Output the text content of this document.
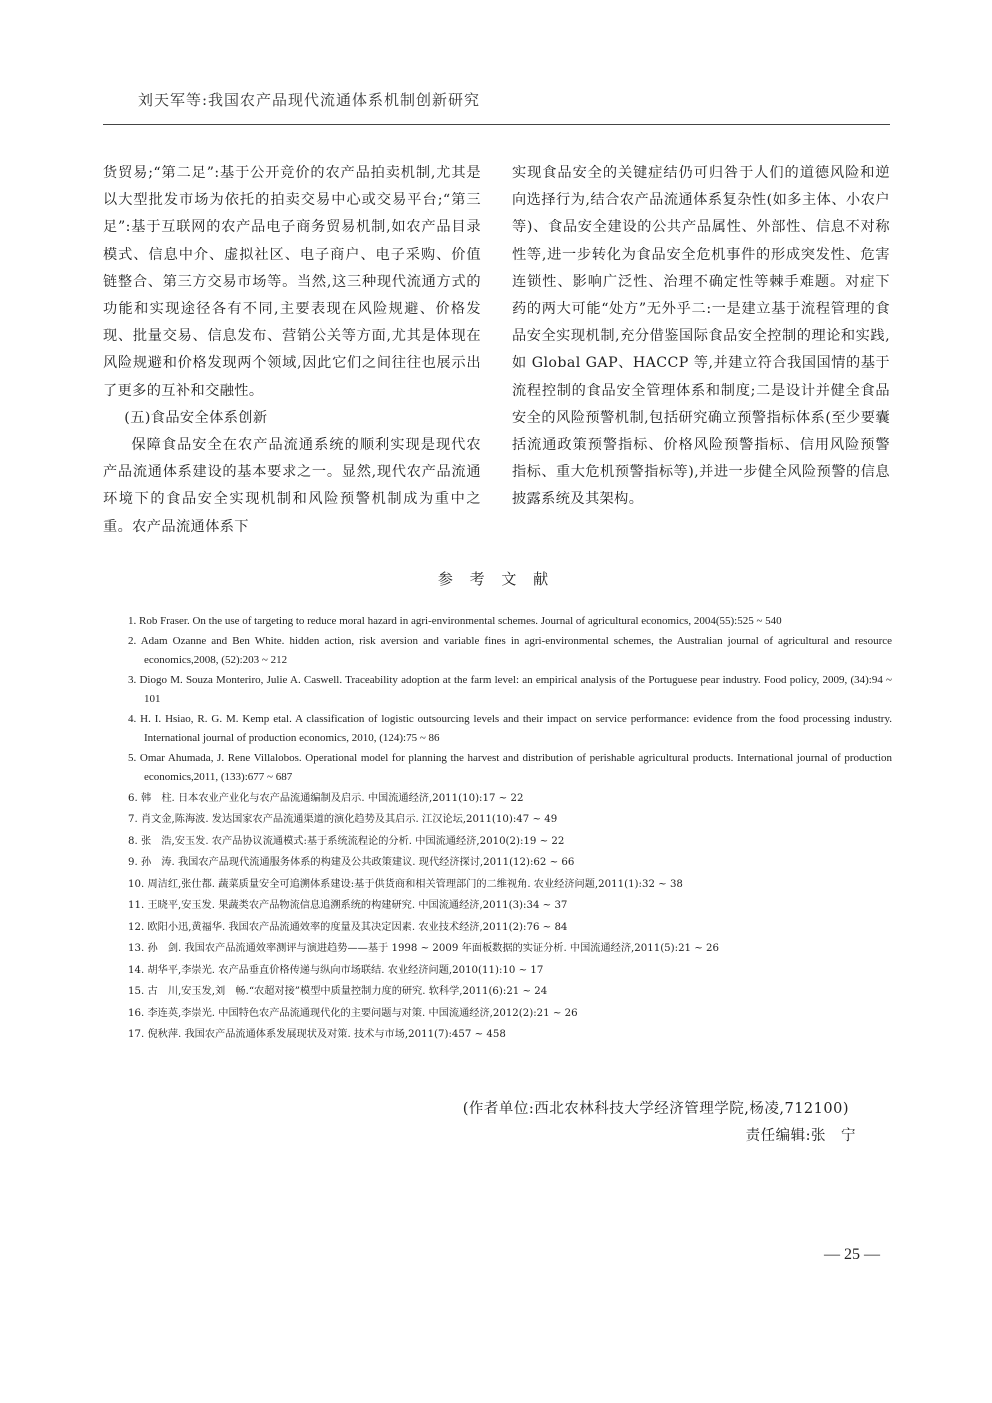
刘天军等:我国农产品现代流通体系机制创新研究

货贸易;“第二足”:基于公开竞价的农产品拍卖机制,尤其是以大型批发市场为依托的拍卖交易中心或交易平台;“第三足”:基于互联网的农产品电子商务贸易机制,如农产品目录模式、信息中介、虚拟社区、电子商户、电子采购、价值链整合、第三方交易市场等。当然,这三种现代流通方式的功能和实现途径各有不同,主要表现在风险规避、价格发现、批量交易、信息发布、营销公关等方面,尤其是体现在风险规避和价格发现两个领域,因此它们之间往往也展示出了更多的互补和交融性。

(五)食品安全体系创新

保障食品安全在农产品流通系统的顺利实现是现代农产品流通体系建设的基本要求之一。显然,现代农产品流通环境下的食品安全实现机制和风险预警机制成为重中之重。农产品流通体系下

实现食品安全的关键症结仍可归咎于人们的道德风险和逆向选择行为,结合农产品流通体系复杂性(如多主体、小农户等)、食品安全建设的公共产品属性、外部性、信息不对称性等,进一步转化为食品安全危机事件的形成突发性、危害连锁性、影响广泛性、治理不确定性等棘手难题。对症下药的两大可能“处方”无外乎二:一是建立基于流程管理的食品安全实现机制,充分借鉴国际食品安全控制的理论和实践,如 Global GAP、HACCP 等,并建立符合我国国情的基于流程控制的食品安全管理体系和制度;二是设计并健全食品安全的风险预警机制,包括研究确立预警指标体系(至少要囊括流通政策预警指标、价格风险预警指标、信用风险预警指标、重大危机预警指标等),并进一步健全风险预警的信息披露系统及其架构。

参 考 文 献
1. Rob Fraser. On the use of targeting to reduce moral hazard in agri-environmental schemes. Journal of agricultural economics, 2004(55):525 ~ 540
2. Adam Ozanne and Ben White. hidden action, risk aversion and variable fines in agri-environmental schemes, the Australian journal of agricultural and resource economics,2008, (52):203 ~ 212
3. Diogo M. Souza Monteriro, Julie A. Caswell. Traceability adoption at the farm level: an empirical analysis of the Portuguese pear industry. Food policy, 2009, (34):94 ~ 101
4. H. I. Hsiao, R. G. M. Kemp etal. A classification of logistic outsourcing levels and their impact on service performance: evidence from the food processing industry. International journal of production economics, 2010, (124):75 ~ 86
5. Omar Ahumada, J. Rene Villalobos. Operational model for planning the harvest and distribution of perishable agricultural products. International journal of production economics,2011, (133):677 ~ 687
6. 韩　柱. 日本农业产业化与农产品流通编制及启示. 中国流通经济,2011(10):17 ~ 22
7. 肖文金,陈海波. 发达国家农产品流通渠道的演化趋势及其启示. 江汉论坛,2011(10):47 ~ 49
8. 张　浩,安玉发. 农产品协议流通模式:基于系统流程论的分析. 中国流通经济,2010(2):19 ~ 22
9. 孙　涛. 我国农产品现代流通服务体系的构建及公共政策建议. 现代经济探讨,2011(12):62 ~ 66
10. 周洁红,张仕都. 蔬菜质量安全可追溯体系建设:基于供货商和相关管理部门的二维视角. 农业经济问题,2011(1):32 ~ 38
11. 王晓平,安玉发. 果蔬类农产品物流信息追溯系统的构建研究. 中国流通经济,2011(3):34 ~ 37
12. 欧阳小迅,黄福华. 我国农产品流通效率的度量及其决定因素. 农业技术经济,2011(2):76 ~ 84
13. 孙　剑. 我国农产品流通效率测评与演进趋势——基于 1998 ~ 2009 年面板数据的实证分析. 中国流通经济,2011(5):21 ~ 26
14. 胡华平,李崇光. 农产品垂直价格传递与纵向市场联结. 农业经济问题,2010(11):10 ~ 17
15. 古　川,安玉发,刘　畅.“农超对接”模型中质量控制力度的研究. 软科学,2011(6):21 ~ 24
16. 李连英,李崇光. 中国特色农产品流通现代化的主要问题与对策. 中国流通经济,2012(2):21 ~ 26
17. 倪秋萍. 我国农产品流通体系发展现状及对策. 技术与市场,2011(7):457 ~ 458
(作者单位:西北农林科技大学经济管理学院,杨凌,712100)
责任编辑:张　宁
— 25 —
